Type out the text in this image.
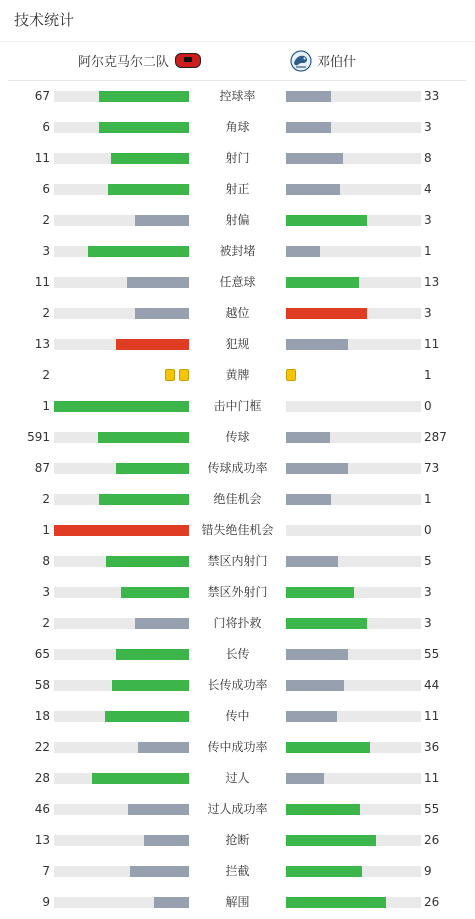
技术统计
阿尔克马尔二队	邓伯什
67	控球率	33
6	角球	3
11	射门	8
6	射正	4
2	射偏	3
3	被封堵	1
11	任意球	13
2	越位	3
13	犯规	11
2	黄牌	1
1	击中门框	0
591	传球	287
87	传球成功率	73
2	绝佳机会	1
1	错失绝佳机会	0
8	禁区内射门	5
3	禁区外射门	3
2	门将扑救	3
65	长传	55
58	长传成功率	44
18	传中	11
22	传中成功率	36
28	过人	11
46	过人成功率	55
13	抢断	26
7	拦截	9
9	解围	26
